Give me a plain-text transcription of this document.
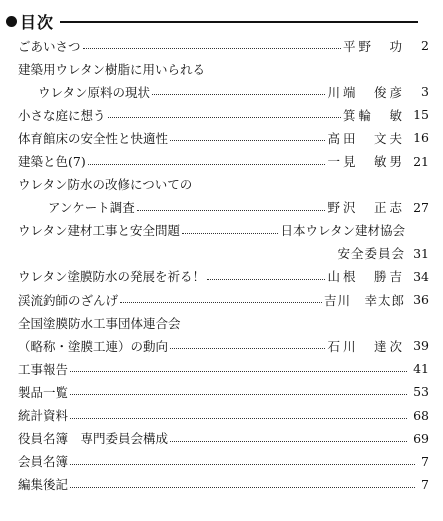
目次
ごあいさつ	平野　功	2
建築用ウレタン樹脂に用いられる
ウレタン原料の現状	川端　俊彦	3
小さな庭に想う	箕輪　敏 15
体育館床の安全性と快適性	高田　文夫 16
建築と色(7)	一見　敏男 21
ウレタン防水の改修についての
アンケート調査	野沢　正志 27
ウレタン建材工事と安全問題	日本ウレタン建材協会
安全委員会 31
ウレタン塗膜防水の発展を祈る！	山根　勝吉 34
渓流釣師のざんげ	吉川　幸太郎 36
全国塗膜防水工事団体連合会
（略称・塗膜工連）の動向	石川　達次 39
工事報告	41
製品一覧	53
統計資料	68
役員名簿　専門委員会構成	69
会員名簿	7
編集後記	7
